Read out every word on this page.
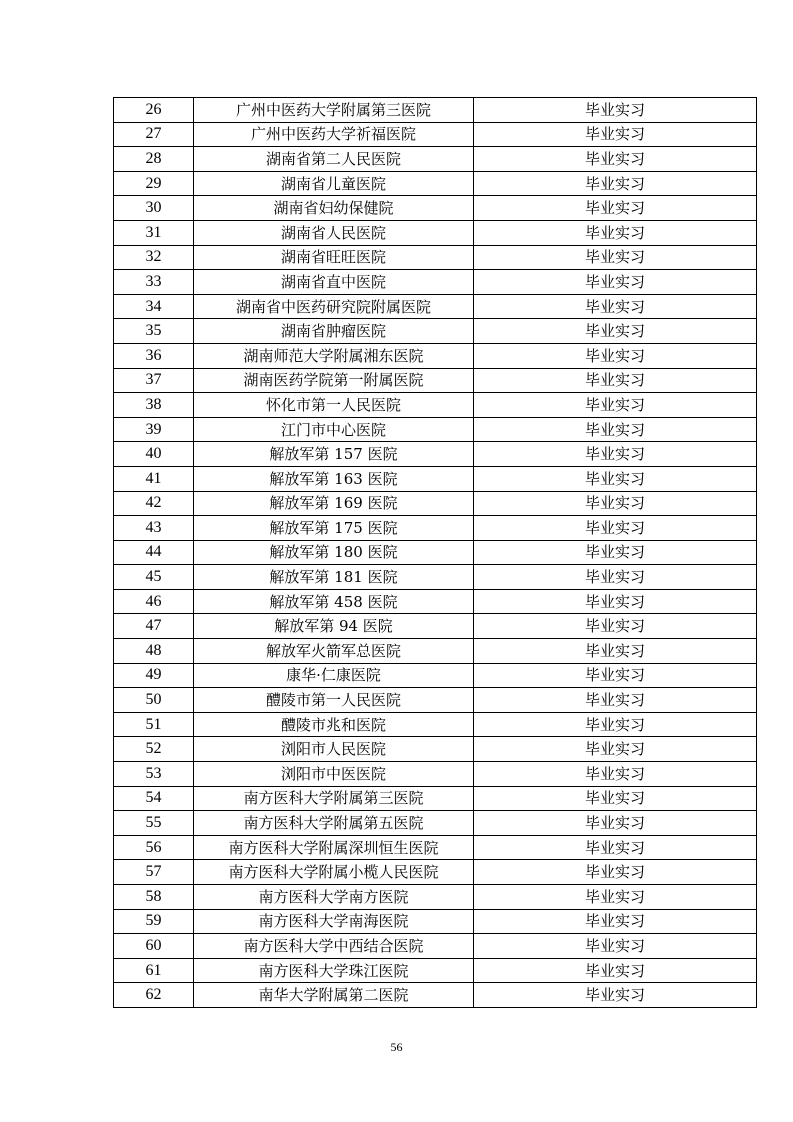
26	广州中医药大学附属第三医院	毕业实习
27	广州中医药大学祈福医院	毕业实习
28	湖南省第二人民医院	毕业实习
29	湖南省儿童医院	毕业实习
30	湖南省妇幼保健院	毕业实习
31	湖南省人民医院	毕业实习
32	湖南省旺旺医院	毕业实习
33	湖南省直中医院	毕业实习
34	湖南省中医药研究院附属医院	毕业实习
35	湖南省肿瘤医院	毕业实习
36	湖南师范大学附属湘东医院	毕业实习
37	湖南医药学院第一附属医院	毕业实习
38	怀化市第一人民医院	毕业实习
39	江门市中心医院	毕业实习
40	解放军第 157 医院	毕业实习
41	解放军第 163 医院	毕业实习
42	解放军第 169 医院	毕业实习
43	解放军第 175 医院	毕业实习
44	解放军第 180 医院	毕业实习
45	解放军第 181 医院	毕业实习
46	解放军第 458 医院	毕业实习
47	解放军第 94 医院	毕业实习
48	解放军火箭军总医院	毕业实习
49	康华·仁康医院	毕业实习
50	醴陵市第一人民医院	毕业实习
51	醴陵市兆和医院	毕业实习
52	浏阳市人民医院	毕业实习
53	浏阳市中医医院	毕业实习
54	南方医科大学附属第三医院	毕业实习
55	南方医科大学附属第五医院	毕业实习
56	南方医科大学附属深圳恒生医院	毕业实习
57	南方医科大学附属小榄人民医院	毕业实习
58	南方医科大学南方医院	毕业实习
59	南方医科大学南海医院	毕业实习
60	南方医科大学中西结合医院	毕业实习
61	南方医科大学珠江医院	毕业实习
62	南华大学附属第二医院	毕业实习
56
